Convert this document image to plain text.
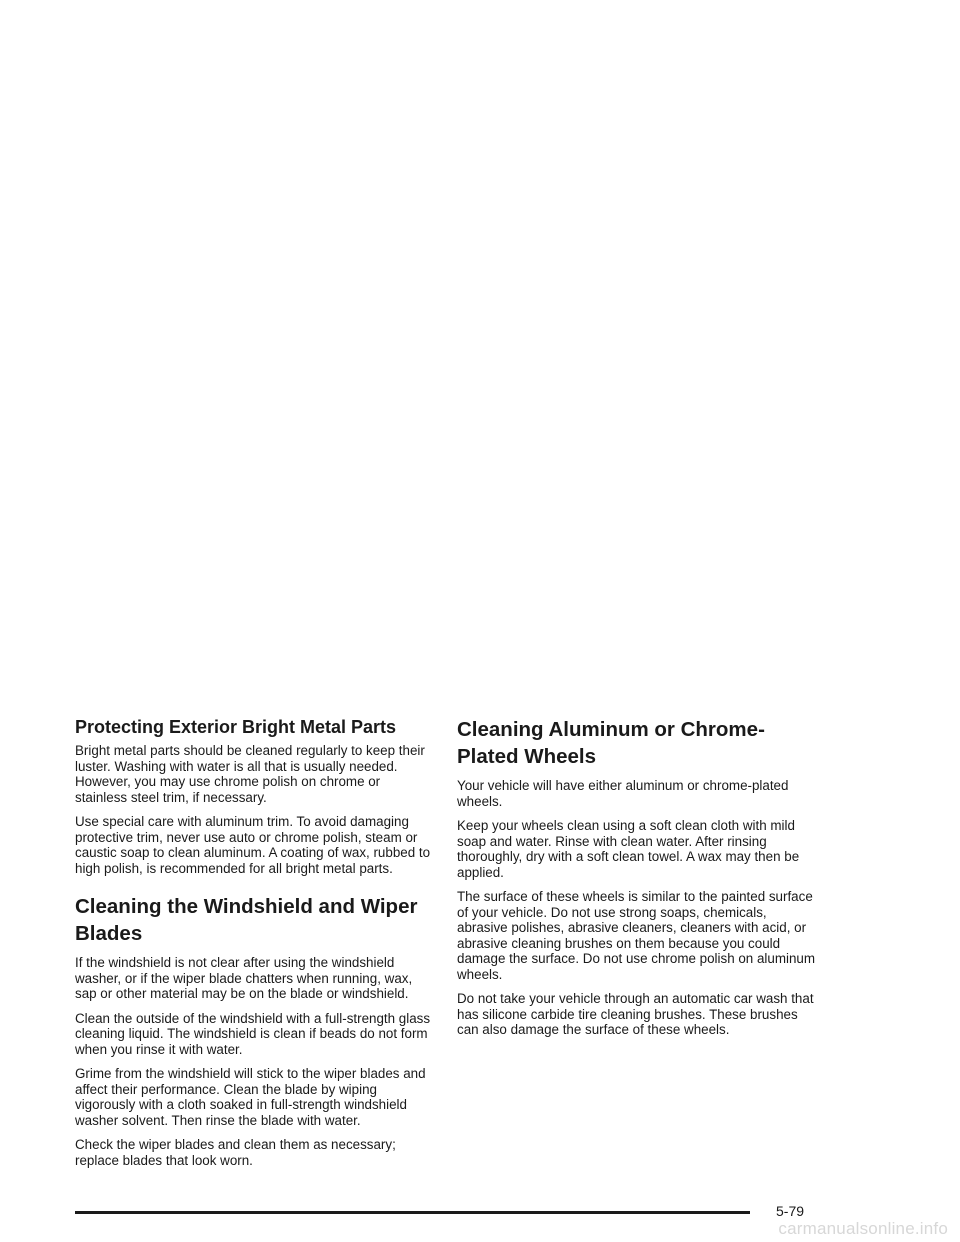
Protecting Exterior Bright Metal Parts

Bright metal parts should be cleaned regularly to keep their luster. Washing with water is all that is usually needed. However, you may use chrome polish on chrome or stainless steel trim, if necessary.

Use special care with aluminum trim. To avoid damaging protective trim, never use auto or chrome polish, steam or caustic soap to clean aluminum. A coating of wax, rubbed to high polish, is recommended for all bright metal parts.

Cleaning the Windshield and Wiper Blades

If the windshield is not clear after using the windshield washer, or if the wiper blade chatters when running, wax, sap or other material may be on the blade or windshield.

Clean the outside of the windshield with a full-strength glass cleaning liquid. The windshield is clean if beads do not form when you rinse it with water.

Grime from the windshield will stick to the wiper blades and affect their performance. Clean the blade by wiping vigorously with a cloth soaked in full-strength windshield washer solvent. Then rinse the blade with water.

Check the wiper blades and clean them as necessary; replace blades that look worn.

Cleaning Aluminum or Chrome-Plated Wheels

Your vehicle will have either aluminum or chrome-plated wheels.

Keep your wheels clean using a soft clean cloth with mild soap and water. Rinse with clean water. After rinsing thoroughly, dry with a soft clean towel. A wax may then be applied.

The surface of these wheels is similar to the painted surface of your vehicle. Do not use strong soaps, chemicals, abrasive polishes, abrasive cleaners, cleaners with acid, or abrasive cleaning brushes on them because you could damage the surface. Do not use chrome polish on aluminum wheels.

Do not take your vehicle through an automatic car wash that has silicone carbide tire cleaning brushes. These brushes can also damage the surface of these wheels.

5-79
carmanualsonline.info
